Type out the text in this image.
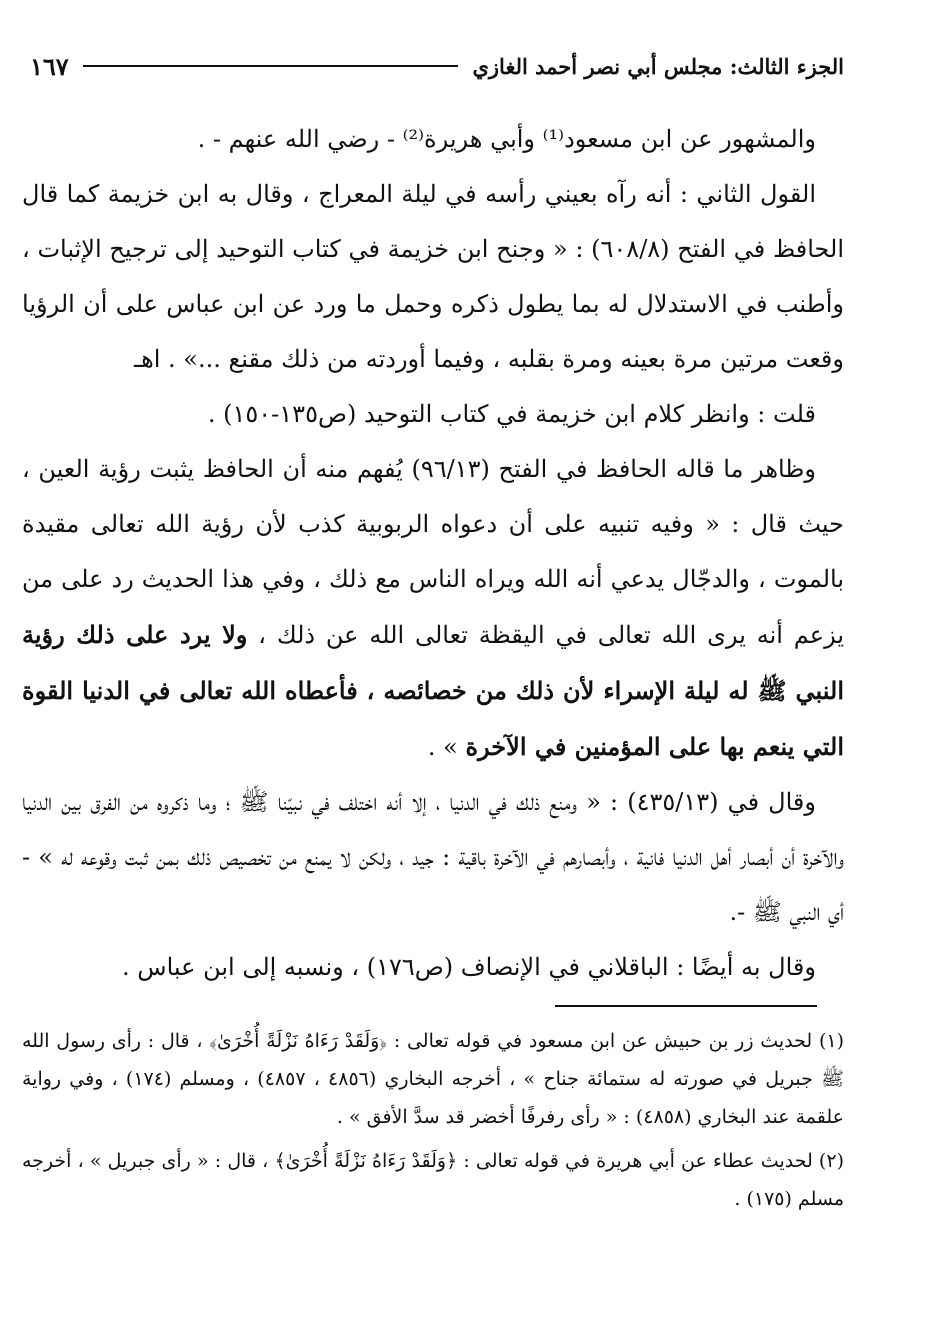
الجزء الثالث: مجلس أبي نصر أحمد الغازي
١٦٧

والمشهور عن ابن مسعود⁽¹⁾ وأبي هريرة⁽²⁾ - رضي الله عنهم - .

القول الثاني : أنه رآه بعيني رأسه في ليلة المعراج ، وقال به ابن خزيمة كما قال الحافظ في الفتح (٦٠٨/٨) : « وجنح ابن خزيمة في كتاب التوحيد إلى ترجيح الإثبات ، وأطنب في الاستدلال له بما يطول ذكره وحمل ما ورد عن ابن عباس على أن الرؤيا وقعت مرتين مرة بعينه ومرة بقلبه ، وفيما أوردته من ذلك مقنع ...» . اهـ

قلت : وانظر كلام ابن خزيمة في كتاب التوحيد (ص١٣٥-١٥٠) .

وظاهر ما قاله الحافظ في الفتح (٩٦/١٣) يُفهم منه أن الحافظ يثبت رؤية العين ، حيث قال : « وفيه تنبيه على أن دعواه الربوبية كذب لأن رؤية الله تعالى مقيدة بالموت ، والدجّال يدعي أنه الله ويراه الناس مع ذلك ، وفي هذا الحديث رد على من يزعم أنه يرى الله تعالى في اليقظة تعالى الله عن ذلك ، ولا يرد على ذلك رؤية النبي ﷺ له ليلة الإسراء لأن ذلك من خصائصه ، فأعطاه الله تعالى في الدنيا القوة التي ينعم بها على المؤمنين في الآخرة » .

وقال في (٤٣٥/١٣) : « ومنع ذلك في الدنيا ، إلا أنه اختلف في نبيّنا ﷺ ؛ وما ذكروه من الفرق بين الدنيا والآخرة أن أبصار أهل الدنيا فانية ، وأبصارهم في الآخرة باقية : جيد ، ولكن لا يمنع من تخصيص ذلك بمن ثبت وقوعه له » - أي النبي ﷺ -.

وقال به أيضًا : الباقلاني في الإنصاف (ص١٧٦) ، ونسبه إلى ابن عباس .

(١) لحديث زر بن حبيش عن ابن مسعود في قوله تعالى : ﴿وَلَقَدْ رَءَاهُ نَزْلَةً أُخْرَىٰ﴾ ، قال : رأى رسول الله ﷺ جبريل في صورته له ستمائة جناح » ، أخرجه البخاري (٤٨٥٦ ، ٤٨٥٧) ، ومسلم (١٧٤) ، وفي رواية علقمة عند البخاري (٤٨٥٨) : « رأى رفرفًا أخضر قد سدَّ الأفق » .

(٢) لحديث عطاء عن أبي هريرة في قوله تعالى : ﴿وَلَقَدْ رَءَاهُ نَزْلَةً أُخْرَىٰ﴾ ، قال : « رأى جبريل » ، أخرجه مسلم (١٧٥) .
